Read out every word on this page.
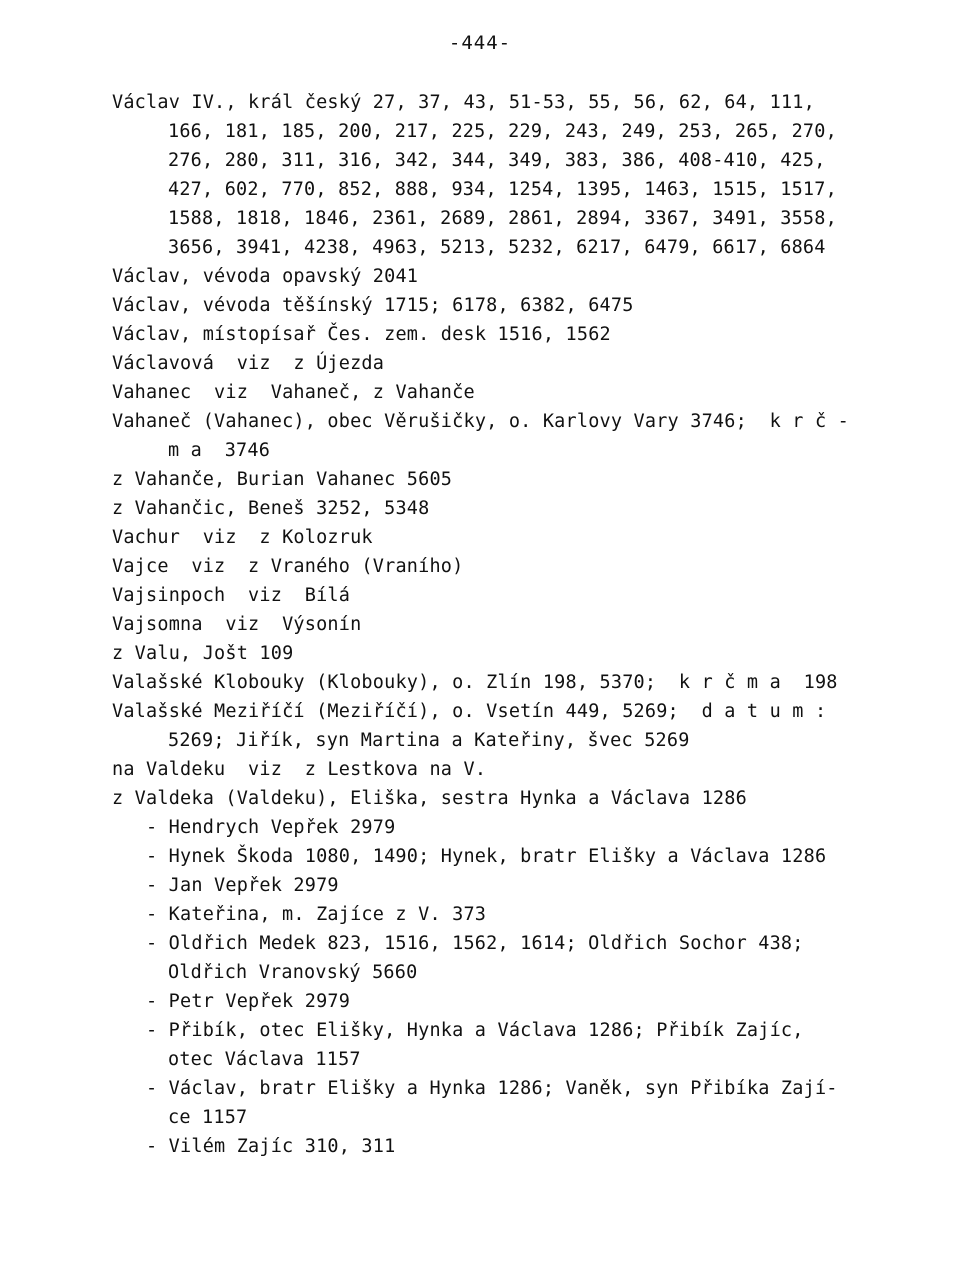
-444-
Václav IV., král český 27, 37, 43, 51-53, 55, 56, 62, 64, 111,
166, 181, 185, 200, 217, 225, 229, 243, 249, 253, 265, 270,
276, 280, 311, 316, 342, 344, 349, 383, 386, 408-410, 425,
427, 602, 770, 852, 888, 934, 1254, 1395, 1463, 1515, 1517,
1588, 1818, 1846, 2361, 2689, 2861, 2894, 3367, 3491, 3558,
3656, 3941, 4238, 4963, 5213, 5232, 6217, 6479, 6617, 6864
Václav, vévoda opavský 2041
Václav, vévoda těšínský 1715; 6178, 6382, 6475
Václav, místopísař Čes. zem. desk 1516, 1562
Václavová  viz  z Újezda
Vahanec  viz  Vahaneč, z Vahanče
Vahaneč (Vahanec), obec Věrušičky, o. Karlovy Vary 3746;  k r č -
m a  3746
z Vahanče, Burian Vahanec 5605
z Vahančic, Beneš 3252, 5348
Vachur  viz  z Kolozruk
Vajce  viz  z Vraného (Vraního)
Vajsinpoch  viz  Bílá
Vajsomna  viz  Výsonín
z Valu, Jošt 109
Valašské Klobouky (Klobouky), o. Zlín 198, 5370;  k r č m a  198
Valašské Meziříčí (Meziříčí), o. Vsetín 449, 5269;  d a t u m :
5269; Jiřík, syn Martina a Kateřiny, švec 5269
na Valdeku  viz  z Lestkova na V.
z Valdeka (Valdeku), Eliška, sestra Hynka a Václava 1286
- Hendrych Vepřek 2979
- Hynek Škoda 1080, 1490; Hynek, bratr Elišky a Václava 1286
- Jan Vepřek 2979
- Kateřina, m. Zajíce z V. 373
- Oldřich Medek 823, 1516, 1562, 1614; Oldřich Sochor 438;
Oldřich Vranovský 5660
- Petr Vepřek 2979
- Přibík, otec Elišky, Hynka a Václava 1286; Přibík Zajíc,
otec Václava 1157
- Václav, bratr Elišky a Hynka 1286; Vaněk, syn Přibíka Zají-
ce 1157
- Vilém Zajíc 310, 311
